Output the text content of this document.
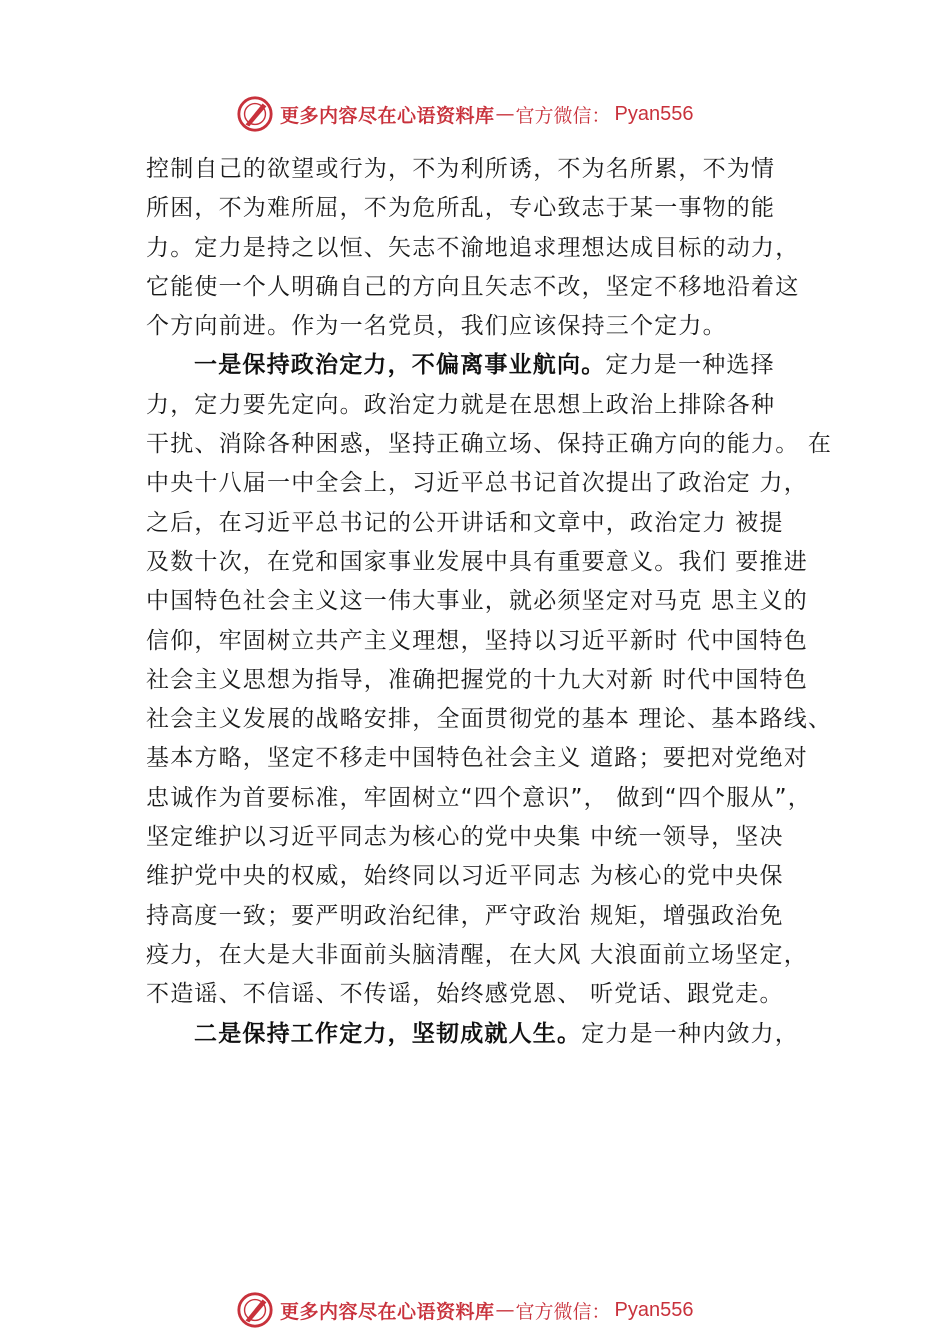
更多内容尽在心语资料库 — 官方微信： Pyan556
控制自己的欲望或行为，不为利所诱，不为名所累，不为情
所困，不为难所屈，不为危所乱，专心致志于某一事物的能
力。定力是持之以恒、矢志不渝地追求理想达成目标的动力，
它能使一个人明确自己的方向且矢志不改，坚定不移地沿着这
个方向前进。作为一名党员，我们应该保持三个定力。
一是保持政治定力，不偏离事业航向。定力是一种选择
力，定力要先定向。政治定力就是在思想上政治上排除各种
干扰、消除各种困惑，坚持正确立场、保持正确方向的能力。 在
中央十八届一中全会上，习近平总书记首次提出了政治定 力，
之后，在习近平总书记的公开讲话和文章中，政治定力 被提
及数十次，在党和国家事业发展中具有重要意义。我们 要推进
中国特色社会主义这一伟大事业，就必须坚定对马克 思主义的
信仰，牢固树立共产主义理想，坚持以习近平新时 代中国特色
社会主义思想为指导，准确把握党的十九大对新 时代中国特色
社会主义发展的战略安排，全面贯彻党的基本 理论、基本路线、
基本方略，坚定不移走中国特色社会主义 道路；要把对党绝对
忠诚作为首要标准，牢固树立“四个意识”， 做到“四个服从”，
坚定维护以习近平同志为核心的党中央集 中统一领导，坚决
维护党中央的权威，始终同以习近平同志 为核心的党中央保
持高度一致；要严明政治纪律，严守政治 规矩，增强政治免
疫力，在大是大非面前头脑清醒，在大风 大浪面前立场坚定，
不造谣、不信谣、不传谣，始终感党恩、 听党话、跟党走。
二是保持工作定力，坚韧成就人生。定力是一种内敛力，
更多内容尽在心语资料库 — 官方微信： Pyan556
